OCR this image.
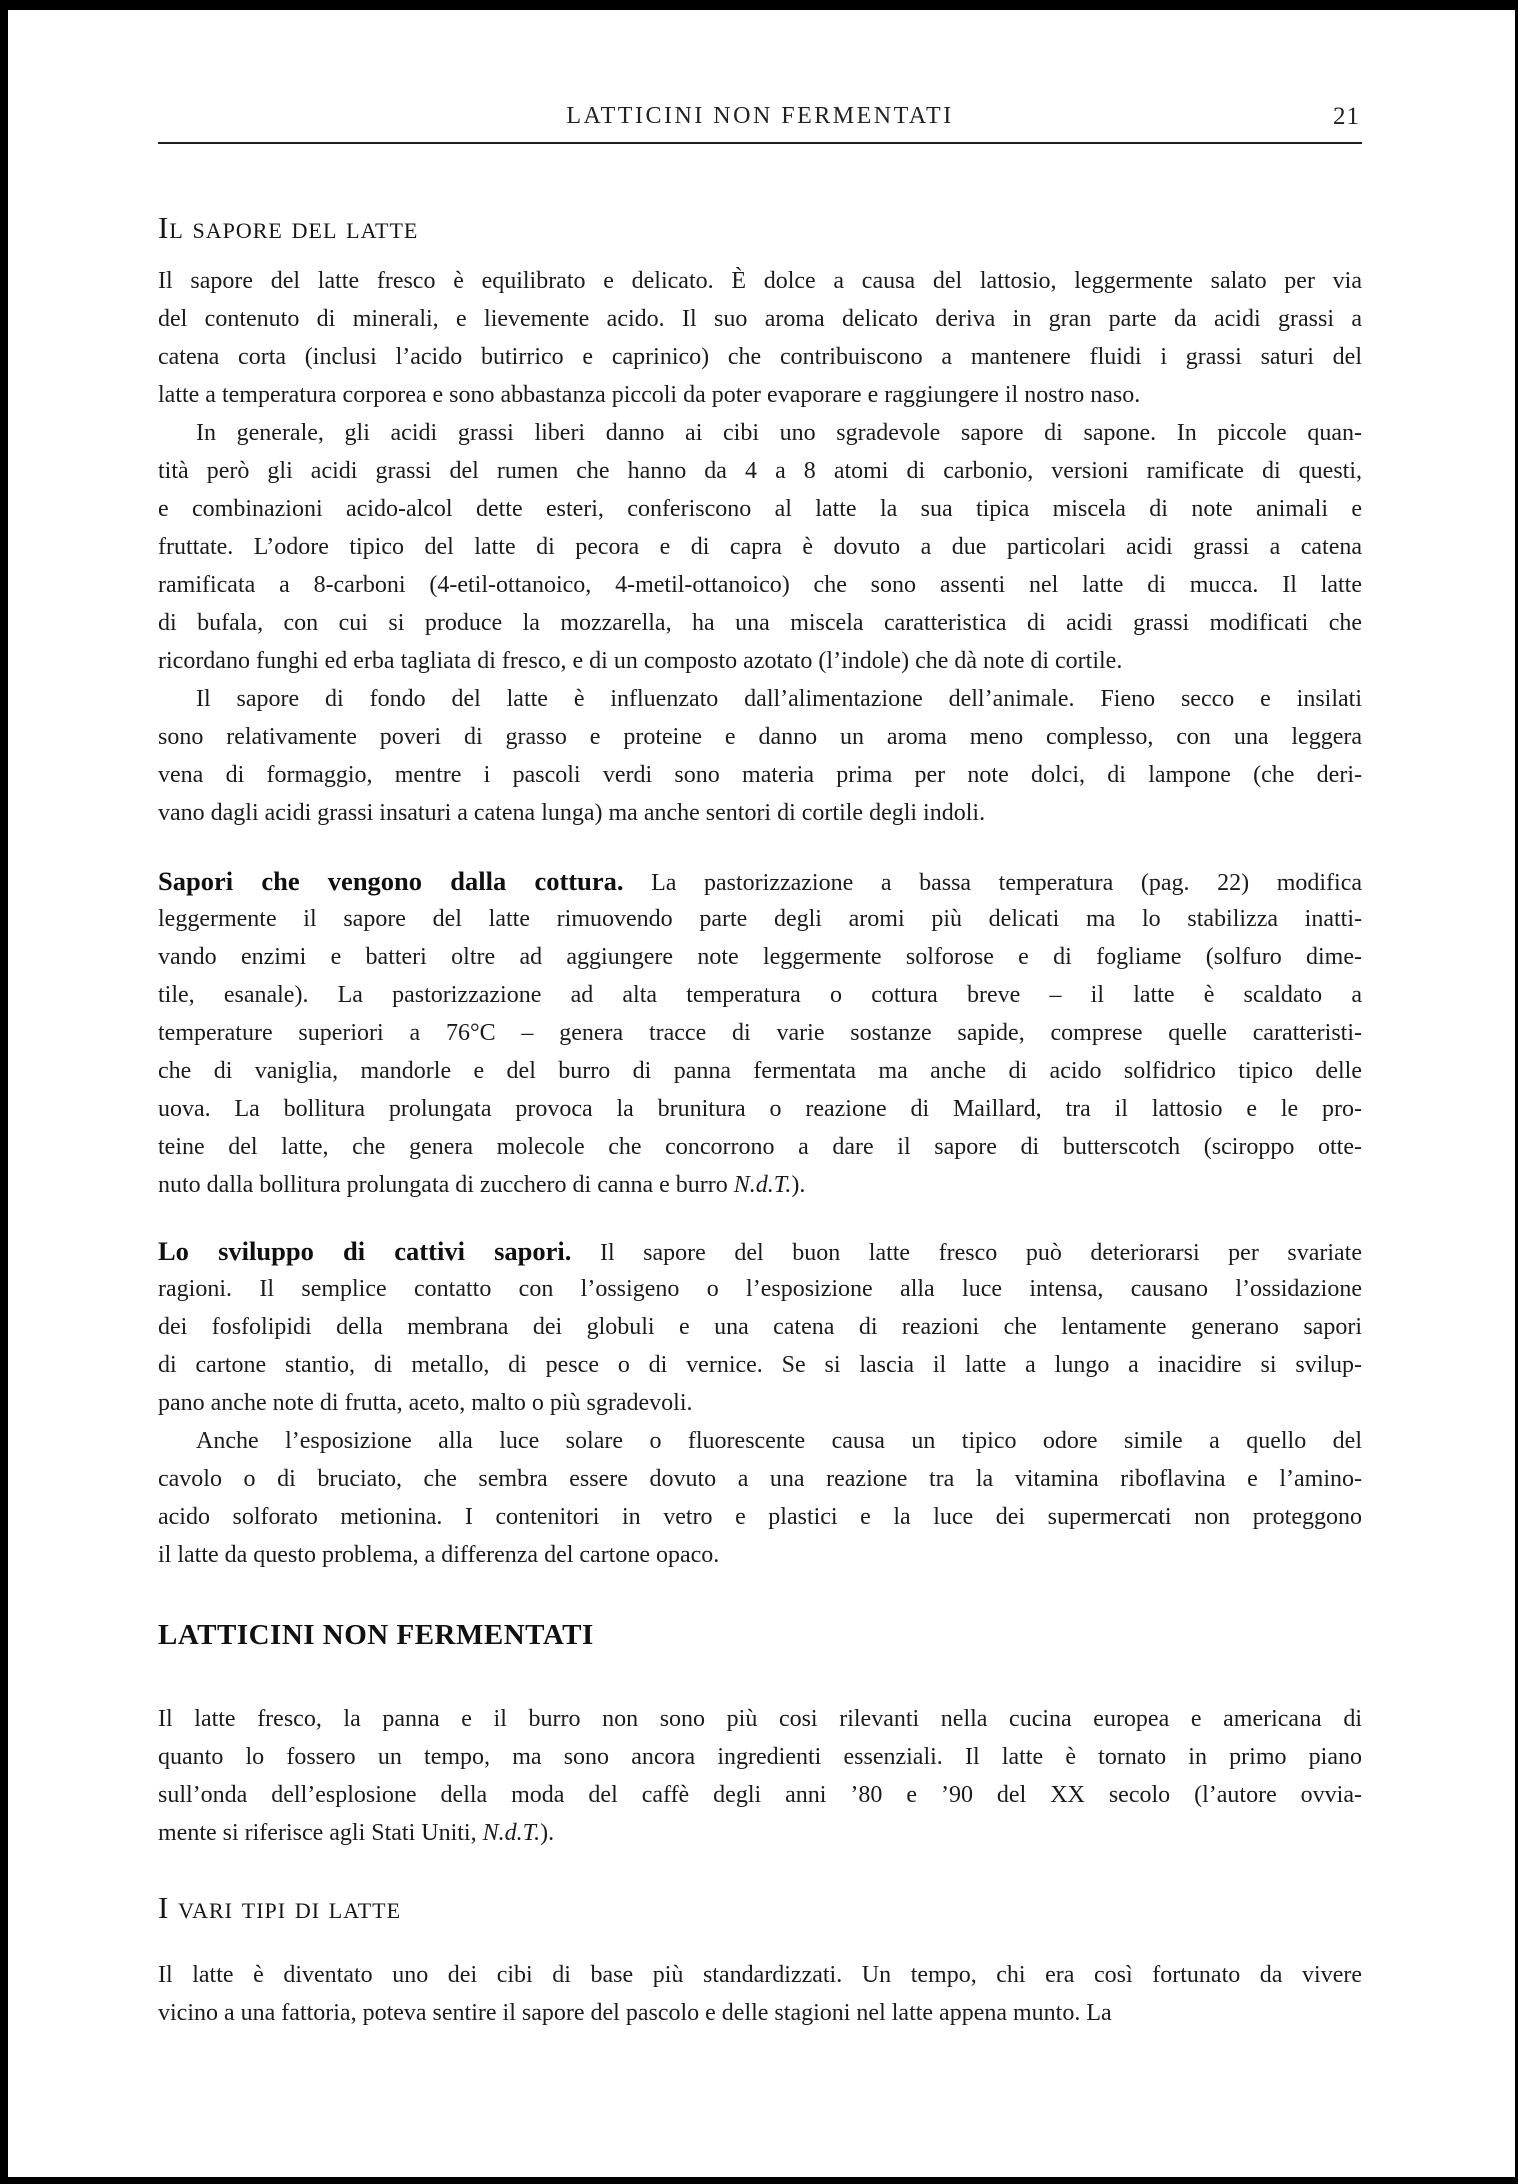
LATTICINI NON FERMENTATI	21
Il sapore del latte
Il sapore del latte fresco è equilibrato e delicato. È dolce a causa del lattosio, leggermente salato per via
del contenuto di minerali, e lievemente acido. Il suo aroma delicato deriva in gran parte da acidi grassi a
catena corta (inclusi l’acido butirrico e caprinico) che contribuiscono a mantenere fluidi i grassi saturi del
latte a temperatura corporea e sono abbastanza piccoli da poter evaporare e raggiungere il nostro naso.
In generale, gli acidi grassi liberi danno ai cibi uno sgradevole sapore di sapone. In piccole quan-
tità però gli acidi grassi del rumen che hanno da 4 a 8 atomi di carbonio, versioni ramificate di questi,
e combinazioni acido-alcol dette esteri, conferiscono al latte la sua tipica miscela di note animali e
fruttate. L’odore tipico del latte di pecora e di capra è dovuto a due particolari acidi grassi a catena
ramificata a 8-carboni (4-etil-ottanoico, 4-metil-ottanoico) che sono assenti nel latte di mucca. Il latte
di bufala, con cui si produce la mozzarella, ha una miscela caratteristica di acidi grassi modificati che
ricordano funghi ed erba tagliata di fresco, e di un composto azotato (l’indole) che dà note di cortile.
Il sapore di fondo del latte è influenzato dall’alimentazione dell’animale. Fieno secco e insilati
sono relativamente poveri di grasso e proteine e danno un aroma meno complesso, con una leggera
vena di formaggio, mentre i pascoli verdi sono materia prima per note dolci, di lampone (che deri-
vano dagli acidi grassi insaturi a catena lunga) ma anche sentori di cortile degli indoli.
Sapori che vengono dalla cottura. La pastorizzazione a bassa temperatura (pag. 22) modifica
leggermente il sapore del latte rimuovendo parte degli aromi più delicati ma lo stabilizza inatti-
vando enzimi e batteri oltre ad aggiungere note leggermente solforose e di fogliame (solfuro dime-
tile, esanale). La pastorizzazione ad alta temperatura o cottura breve – il latte è scaldato a
temperature superiori a 76°C – genera tracce di varie sostanze sapide, comprese quelle caratteristi-
che di vaniglia, mandorle e del burro di panna fermentata ma anche di acido solfidrico tipico delle
uova. La bollitura prolungata provoca la brunitura o reazione di Maillard, tra il lattosio e le pro-
teine del latte, che genera molecole che concorrono a dare il sapore di butterscotch (sciroppo otte-
nuto dalla bollitura prolungata di zucchero di canna e burro N.d.T.).
Lo sviluppo di cattivi sapori. Il sapore del buon latte fresco può deteriorarsi per svariate
ragioni. Il semplice contatto con l’ossigeno o l’esposizione alla luce intensa, causano l’ossidazione
dei fosfolipidi della membrana dei globuli e una catena di reazioni che lentamente generano sapori
di cartone stantio, di metallo, di pesce o di vernice. Se si lascia il latte a lungo a inacidire si svilup-
pano anche note di frutta, aceto, malto o più sgradevoli.
Anche l’esposizione alla luce solare o fluorescente causa un tipico odore simile a quello del
cavolo o di bruciato, che sembra essere dovuto a una reazione tra la vitamina riboflavina e l’amino-
acido solforato metionina. I contenitori in vetro e plastici e la luce dei supermercati non proteggono
il latte da questo problema, a differenza del cartone opaco.
LATTICINI NON FERMENTATI
Il latte fresco, la panna e il burro non sono più cosi rilevanti nella cucina europea e americana di
quanto lo fossero un tempo, ma sono ancora ingredienti essenziali. Il latte è tornato in primo piano
sull’onda dell’esplosione della moda del caffè degli anni ’80 e ’90 del XX secolo (l’autore ovvia-
mente si riferisce agli Stati Uniti, N.d.T.).
I vari tipi di latte
Il latte è diventato uno dei cibi di base più standardizzati. Un tempo, chi era così fortunato da vivere
vicino a una fattoria, poteva sentire il sapore del pascolo e delle stagioni nel latte appena munto. La
